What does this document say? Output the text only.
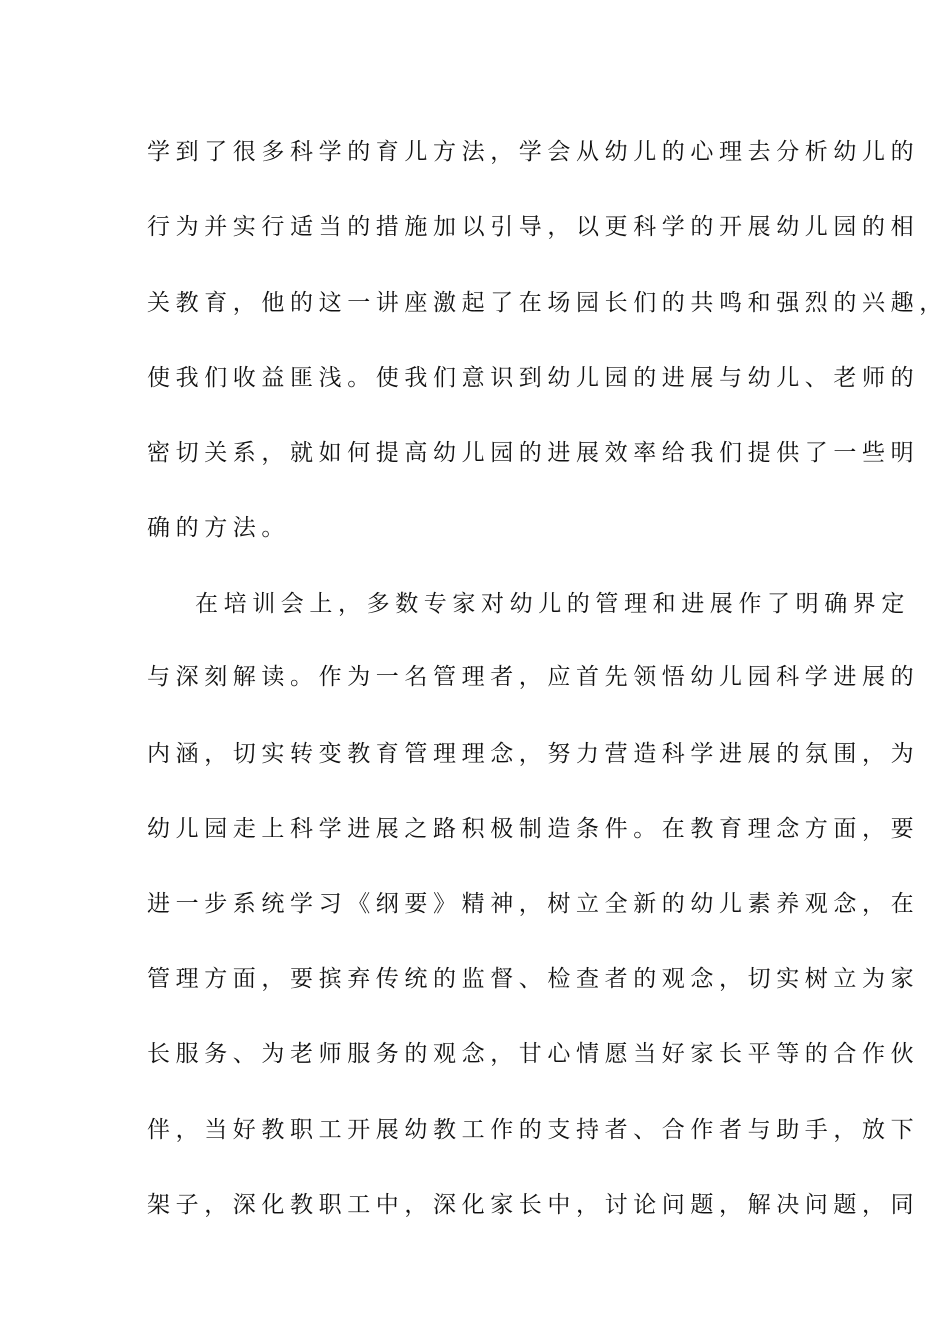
学到了很多科学的育儿方法，学会从幼儿的心理去分析幼儿的
行为并实行适当的措施加以引导，以更科学的开展幼儿园的相
关教育，他的这一讲座激起了在场园长们的共鸣和强烈的兴趣，
使我们收益匪浅。使我们意识到幼儿园的进展与幼儿、老师的
密切关系，就如何提高幼儿园的进展效率给我们提供了一些明
确的方法。
在培训会上，多数专家对幼儿的管理和进展作了明确界定
与深刻解读。作为一名管理者，应首先领悟幼儿园科学进展的
内涵，切实转变教育管理理念，努力营造科学进展的氛围，为
幼儿园走上科学进展之路积极制造条件。在教育理念方面，要
进一步系统学习《纲要》精神，树立全新的幼儿素养观念，在
管理方面，要摈弃传统的监督、检查者的观念，切实树立为家
长服务、为老师服务的观念，甘心情愿当好家长平等的合作伙
伴，当好教职工开展幼教工作的支持者、合作者与助手，放下
架子，深化教职工中，深化家长中，讨论问题，解决问题，同
